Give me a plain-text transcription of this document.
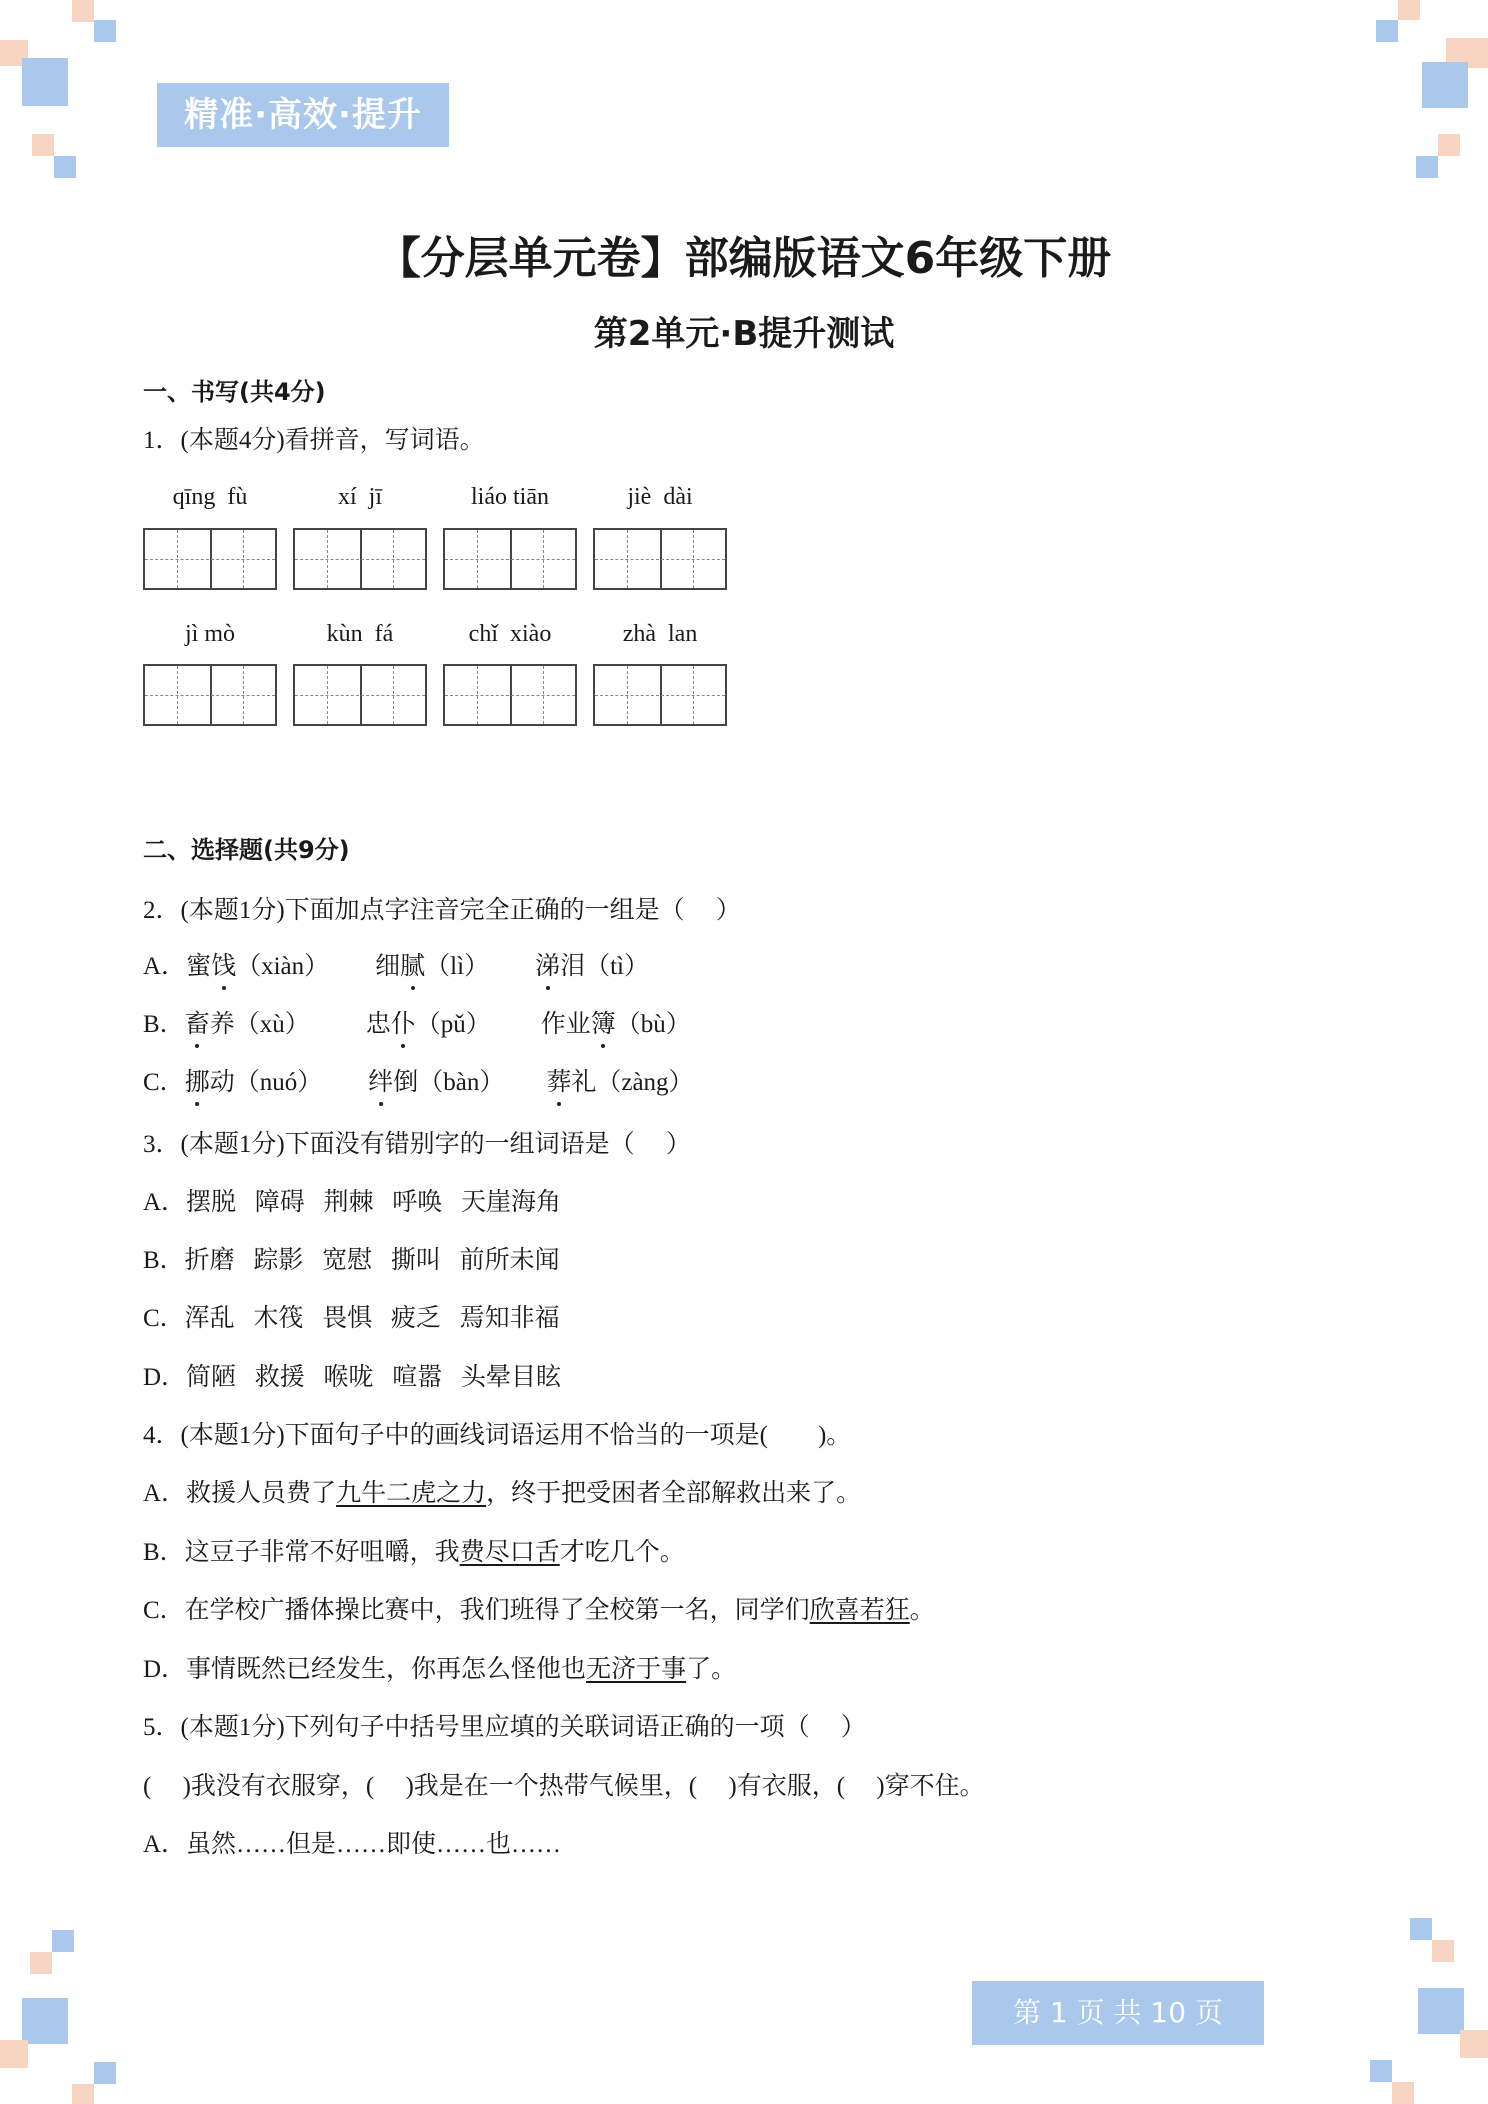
精准·高效·提升
【分层单元卷】部编版语文6年级下册
第2单元·B提升测试
一、书写(共4分)
1．(本题4分)看拼音，写词语。
qīng  fù	xí  jī	liáo tiān	jiè  dài
jì mò	kùn  fá	chǐ  xiào	zhà  lan
二、选择题(共9分)
2．(本题1分)下面加点字注音完全正确的一组是（     ）
A．蜜饯（xiàn） 细腻（lì） 涕泪（tì）
B．畜养（xù） 忠仆（pǔ） 作业簿（bù）
C．挪动（nuó） 绊倒（bàn） 葬礼（zàng）
3．(本题1分)下面没有错别字的一组词语是（     ）
A．摆脱   障碍   荆棘   呼唤   天崖海角
B．折磨   踪影   宽慰   撕叫   前所未闻
C．浑乱   木筏   畏惧   疲乏   焉知非福
D．简陋   救援   喉咙   喧嚣   头晕目眩
4．(本题1分)下面句子中的画线词语运用不恰当的一项是(        )。
A．救援人员费了九牛二虎之力，终于把受困者全部解救出来了。
B．这豆子非常不好咀嚼，我费尽口舌才吃几个。
C．在学校广播体操比赛中，我们班得了全校第一名，同学们欣喜若狂。
D．事情既然已经发生，你再怎么怪他也无济于事了。
5．(本题1分)下列句子中括号里应填的关联词语正确的一项（     ）
(     )我没有衣服穿，(     )我是在一个热带气候里，(     )有衣服，(     )穿不住。
A．虽然……但是……即使……也……
第 1 页 共 10 页
